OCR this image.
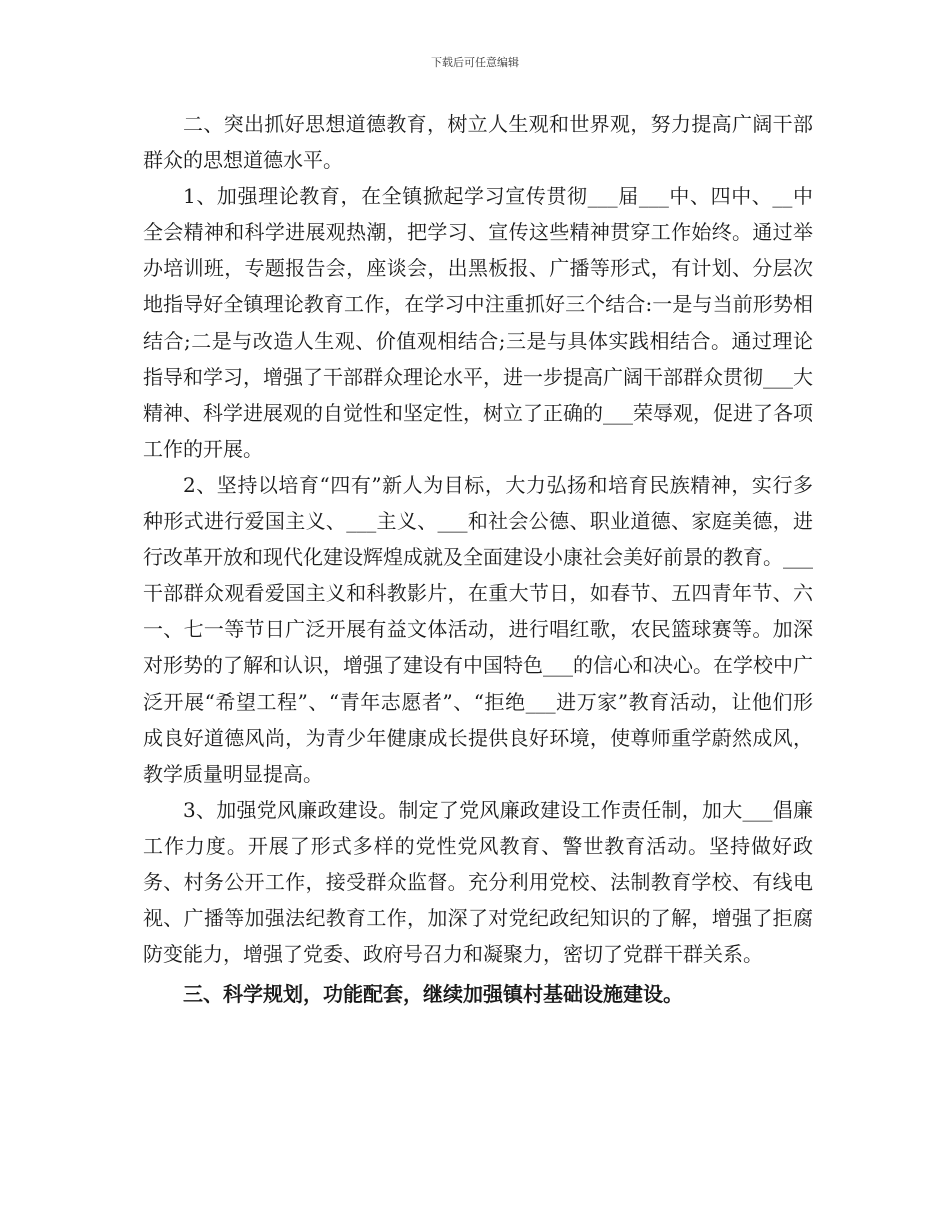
下载后可任意编辑

二、突出抓好思想道德教育，树立人生观和世界观，努力提高广阔干部群众的思想道德水平。

1、加强理论教育，在全镇掀起学习宣传贯彻___届___中、四中、__中全会精神和科学进展观热潮，把学习、宣传这些精神贯穿工作始终。通过举办培训班，专题报告会，座谈会，出黑板报、广播等形式，有计划、分层次地指导好全镇理论教育工作，在学习中注重抓好三个结合:一是与当前形势相结合;二是与改造人生观、价值观相结合;三是与具体实践相结合。通过理论指导和学习，增强了干部群众理论水平，进一步提高广阔干部群众贯彻___大精神、科学进展观的自觉性和坚定性，树立了正确的___荣辱观，促进了各项工作的开展。

2、坚持以培育“四有”新人为目标，大力弘扬和培育民族精神，实行多种形式进行爱国主义、___主义、___和社会公德、职业道德、家庭美德，进行改革开放和现代化建设辉煌成就及全面建设小康社会美好前景的教育。___干部群众观看爱国主义和科教影片，在重大节日，如春节、五四青年节、六一、七一等节日广泛开展有益文体活动，进行唱红歌，农民篮球赛等。加深对形势的了解和认识，增强了建设有中国特色___的信心和决心。在学校中广泛开展“希望工程”、“青年志愿者”、“拒绝___进万家”教育活动，让他们形成良好道德风尚，为青少年健康成长提供良好环境，使尊师重学蔚然成风，教学质量明显提高。

3、加强党风廉政建设。制定了党风廉政建设工作责任制，加大___倡廉工作力度。开展了形式多样的党性党风教育、警世教育活动。坚持做好政务、村务公开工作，接受群众监督。充分利用党校、法制教育学校、有线电视、广播等加强法纪教育工作，加深了对党纪政纪知识的了解，增强了拒腐防变能力，增强了党委、政府号召力和凝聚力，密切了党群干群关系。

三、科学规划，功能配套，继续加强镇村基础设施建设。
